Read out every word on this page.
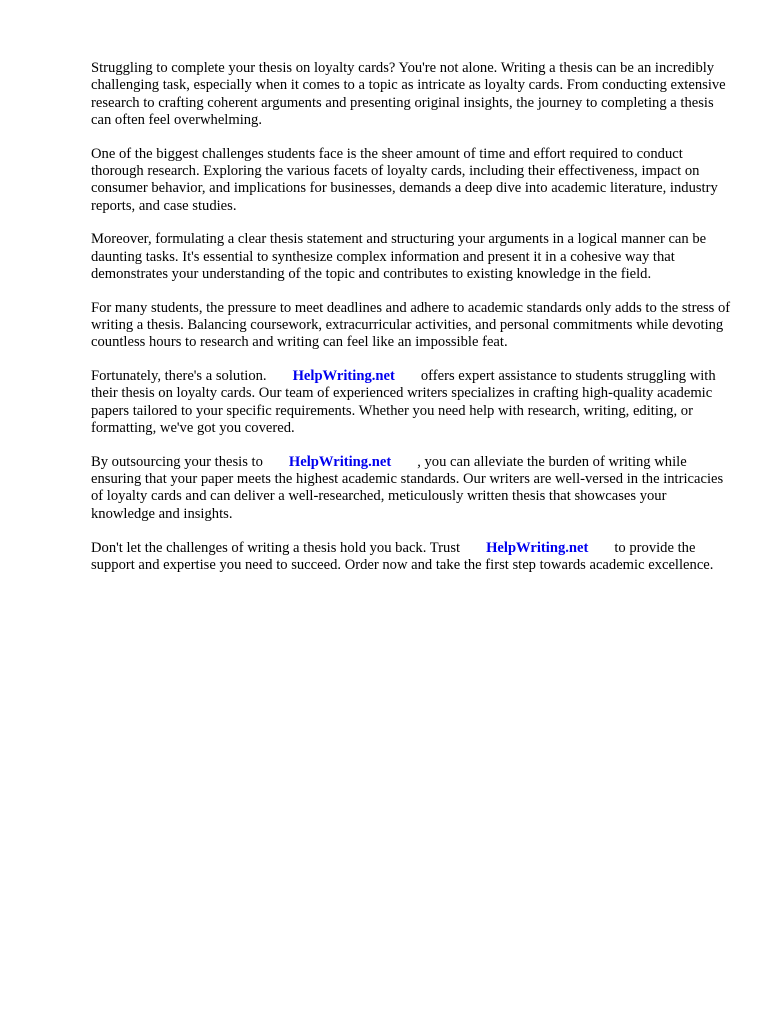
Struggling to complete your thesis on loyalty cards? You're not alone. Writing a thesis can be an incredibly challenging task, especially when it comes to a topic as intricate as loyalty cards. From conducting extensive research to crafting coherent arguments and presenting original insights, the journey to completing a thesis can often feel overwhelming.

One of the biggest challenges students face is the sheer amount of time and effort required to conduct thorough research. Exploring the various facets of loyalty cards, including their effectiveness, impact on consumer behavior, and implications for businesses, demands a deep dive into academic literature, industry reports, and case studies.

Moreover, formulating a clear thesis statement and structuring your arguments in a logical manner can be daunting tasks. It's essential to synthesize complex information and present it in a cohesive way that demonstrates your understanding of the topic and contributes to existing knowledge in the field.

For many students, the pressure to meet deadlines and adhere to academic standards only adds to the stress of writing a thesis. Balancing coursework, extracurricular activities, and personal commitments while devoting countless hours to research and writing can feel like an impossible feat.

Fortunately, there's a solution. HelpWriting.net offers expert assistance to students struggling with their thesis on loyalty cards. Our team of experienced writers specializes in crafting high-quality academic papers tailored to your specific requirements. Whether you need help with research, writing, editing, or formatting, we've got you covered.

By outsourcing your thesis to HelpWriting.net , you can alleviate the burden of writing while ensuring that your paper meets the highest academic standards. Our writers are well-versed in the intricacies of loyalty cards and can deliver a well-researched, meticulously written thesis that showcases your knowledge and insights.

Don't let the challenges of writing a thesis hold you back. Trust HelpWriting.net to provide the support and expertise you need to succeed. Order now and take the first step towards academic excellence.
